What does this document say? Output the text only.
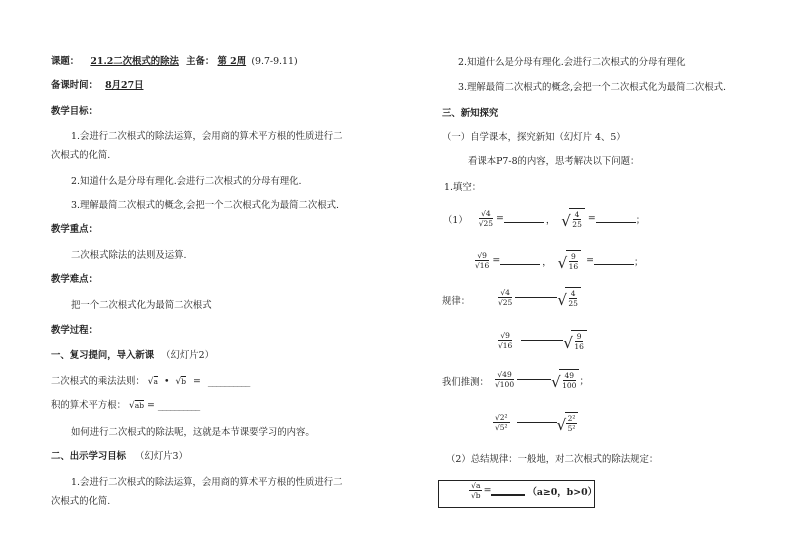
课题： 21.2二次根式的除法 主备： 第 2周 (9.7-9.11)
备课时间： 8月27日
教学目标：
1.会进行二次根式的除法运算，会用商的算术平方根的性质进行二
次根式的化简.
2.知道什么是分母有理化.会进行二次根式的分母有理化.
3.理解最简二次根式的概念,会把一个二次根式化为最简二次根式.
教学重点：
二次根式除法的法则及运算.
教学难点：
把一个二次根式化为最简二次根式
教学过程：
一、复习提问，导入新课 （幻灯片2）
二次根式的乘法法则： √a • √b = __________
积的算术平方根： √ab = __________
如何进行二次根式的除法呢，这就是本节课要学习的内容。
二、出示学习目标 （幻灯片3）
1.会进行二次根式的除法运算，会用商的算术平方根的性质进行二
次根式的化简.
2.知道什么是分母有理化.会进行二次根式的分母有理化
3.理解最简二次根式的概念,会把一个二次根式化为最简二次根式.
三、新知探究
（一）自学课本，探究新知（幻灯片 4、5）
看课本P7-8的内容，思考解决以下问题：
1.填空：
$(1) \frac{√4}{√25}$ =	， √ $\frac{4}{25}$ =	；
$\frac{√9}{√16}$ =	， √ $\frac{9}{16}$ =	；
规律：	$\frac{√4}{√25}$	√ $\frac{4}{25}$
$\frac{√9}{√16}$	√ $\frac{9}{16}$
我们推测： $\frac{√49}{√100}$ √ $\frac{49}{100}$ ；
$\frac{\text{√2²}}{\text{√5²}}$	√ $\frac{\text{2²}}{\text{5²}}$
（2）总结规律：一般地，对二次根式的除法规定：
$\frac{√a}{√b}$ =	（a≥0，b>0）
